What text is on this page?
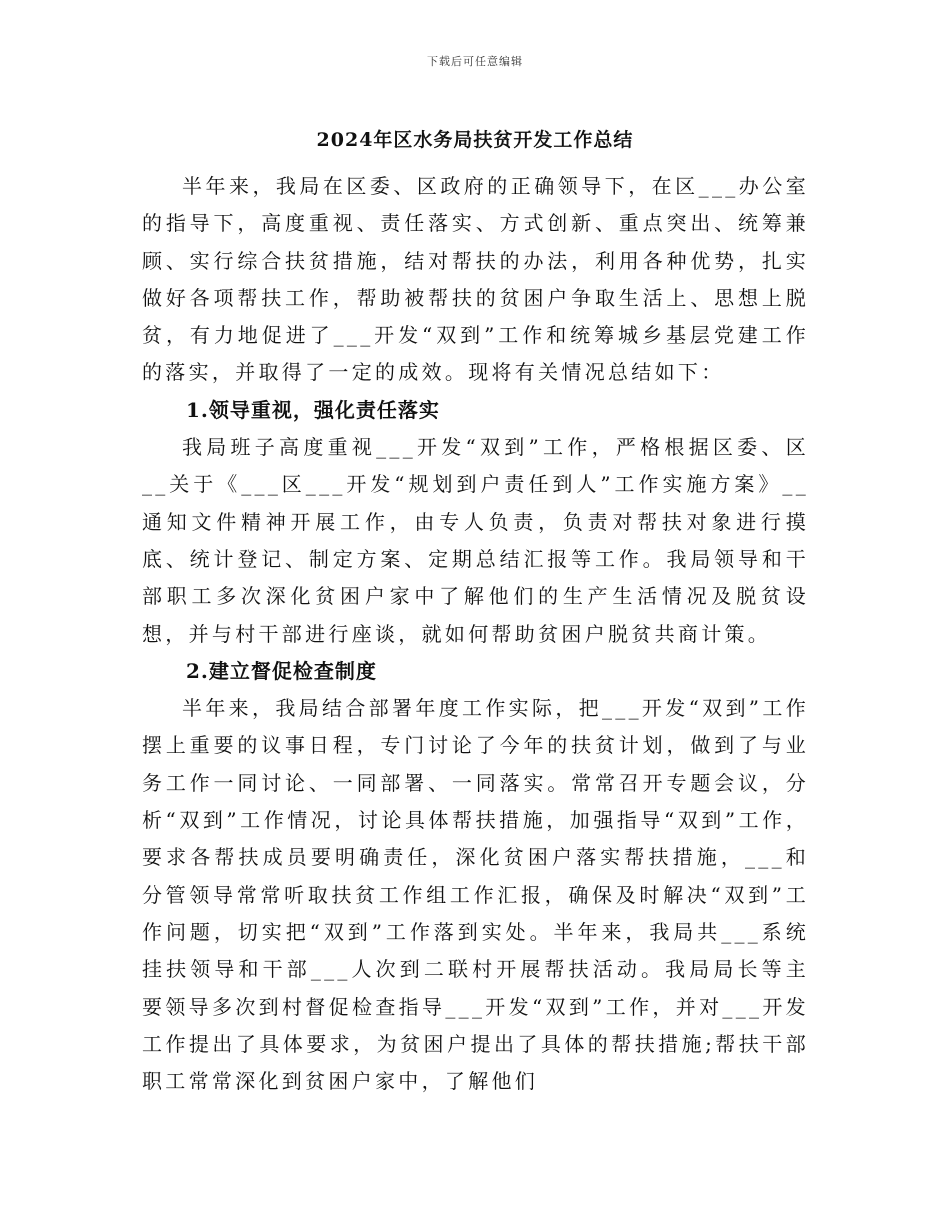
下载后可任意编辑
2024年区水务局扶贫开发工作总结

半年来，我局在区委、区政府的正确领导下，在区___办公室的指导下，高度重视、责任落实、方式创新、重点突出、统筹兼顾、实行综合扶贫措施，结对帮扶的办法，利用各种优势，扎实做好各项帮扶工作，帮助被帮扶的贫困户争取生活上、思想上脱贫，有力地促进了___开发“双到”工作和统筹城乡基层党建工作的落实，并取得了一定的成效。现将有关情况总结如下：

1.领导重视，强化责任落实

我局班子高度重视___开发“双到”工作，严格根据区委、区__关于《___区___开发“规划到户责任到人”工作实施方案》__通知文件精神开展工作，由专人负责，负责对帮扶对象进行摸底、统计登记、制定方案、定期总结汇报等工作。我局领导和干部职工多次深化贫困户家中了解他们的生产生活情况及脱贫设想，并与村干部进行座谈，就如何帮助贫困户脱贫共商计策。

2.建立督促检查制度

半年来，我局结合部署年度工作实际，把___开发“双到”工作摆上重要的议事日程，专门讨论了今年的扶贫计划，做到了与业务工作一同讨论、一同部署、一同落实。常常召开专题会议，分析“双到”工作情况，讨论具体帮扶措施，加强指导“双到”工作，要求各帮扶成员要明确责任，深化贫困户落实帮扶措施，___和分管领导常常听取扶贫工作组工作汇报，确保及时解决“双到”工作问题，切实把“双到”工作落到实处。半年来，我局共___系统挂扶领导和干部___人次到二联村开展帮扶活动。我局局长等主要领导多次到村督促检查指导___开发“双到”工作，并对___开发工作提出了具体要求，为贫困户提出了具体的帮扶措施;帮扶干部职工常常深化到贫困户家中，了解他们
